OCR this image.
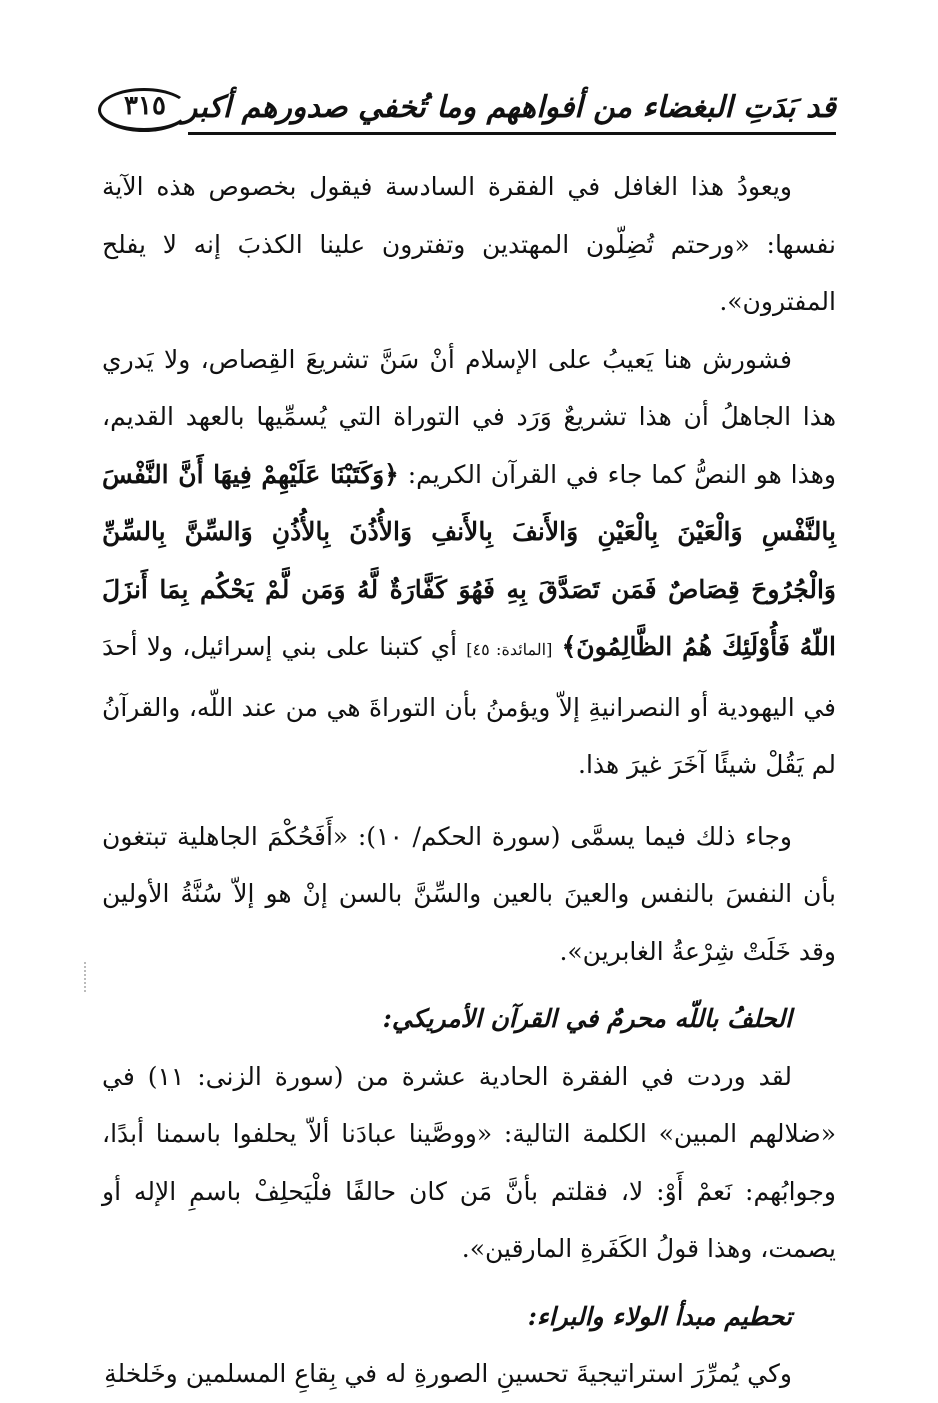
قد بَدَتِ البغضاء من أفواههم وما تُخفي صدورهم أكبر
٣١٥

ويعودُ هذا الغافل في الفقرة السادسة فيقول بخصوص هذه الآية نفسها: «ورحتم تُضِلّون المهتدين وتفترون علينا الكذبَ إنه لا يفلح المفترون».

فشورش هنا يَعيبُ على الإسلام أنْ سَنَّ تشريعَ القِصاص، ولا يَدري هذا الجاهلُ أن هذا تشريعٌ وَرَد في التوراة التي يُسمِّيها بالعهد القديم، وهذا هو النصُّ كما جاء في القرآن الكريم: ﴿وَكَتَبْنَا عَلَيْهِمْ فِيهَا أَنَّ النَّفْسَ بِالنَّفْسِ وَالْعَيْنَ بِالْعَيْنِ وَالأَنفَ بِالأَنفِ وَالأُذُنَ بِالأُذُنِ وَالسِّنَّ بِالسِّنِّ وَالْجُرُوحَ قِصَاصٌ فَمَن تَصَدَّقَ بِهِ فَهُوَ كَفَّارَةٌ لَّهُ وَمَن لَّمْ يَحْكُم بِمَا أَنزَلَ اللّهُ فَأُوْلَئِكَ هُمُ الظَّالِمُونَ﴾ [المائدة: ٤٥] أي كتبنا على بني إسرائيل، ولا أحدَ في اليهودية أو النصرانيةِ إلاّ ويؤمنُ بأن التوراةَ هي من عند اللّه، والقرآنُ لم يَقُلْ شيئًا آخَرَ غيرَ هذا.

وجاء ذلك فيما يسمَّى (سورة الحكم/ ١٠): «أَفَحُكْمَ الجاهلية تبتغون بأن النفسَ بالنفس والعينَ بالعين والسِّنَّ بالسن إنْ هو إلاّ سُنَّةُ الأولين وقد خَلَتْ شِرْعةُ الغابرين».

الحلفُ باللّه محرمٌ في القرآن الأمريكي:

لقد وردت في الفقرة الحادية عشرة من (سورة الزنى: ١١) في «ضلالهم المبين» الكلمة التالية: «ووصَّينا عبادَنا ألاّ يحلفوا باسمنا أبدًا، وجوابُهم: نَعمْ أَوْ: لا، فقلتم بأنَّ مَن كان حالفًا فلْيَحلِفْ باسمِ الإله أو يصمت، وهذا قولُ الكَفَرةِ المارقين».

تحطيم مبدأ الولاء والبراء:

وكي يُمرِّرَ استراتيجيةَ تحسينِ الصورةِ له في بِقاعِ المسلمين وخَلخلةِ
